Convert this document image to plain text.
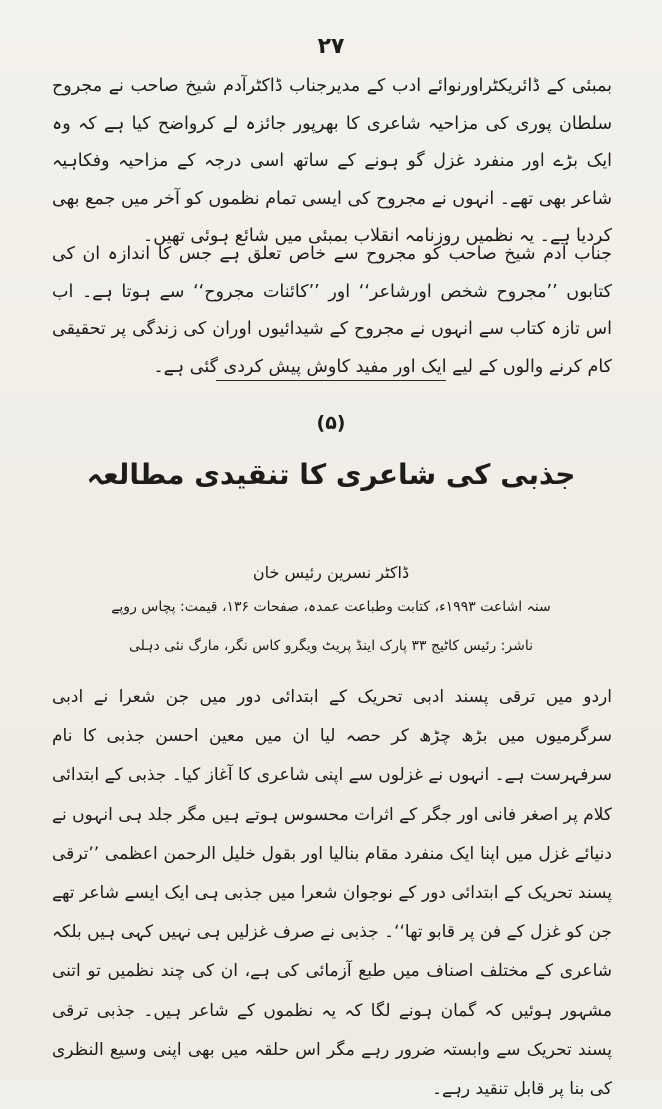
۲۷

بمبئی کے ڈائریکٹراورنوائے ادب کے مدیرجناب ڈاکٹرآدم شیخ صاحب نے مجروح سلطان پوری کی مزاحیہ شاعری کا بھرپور جائزہ لے کرواضح کیا ہے کہ وہ ایک بڑے اور منفرد غزل گو ہونے کے ساتھ اسی درجہ کے مزاحیہ وفکاہیہ شاعر بھی تھے۔ انہوں نے مجروح کی ایسی تمام نظموں کو آخر میں جمع بھی کردیا ہے۔ یہ نظمیں روزنامہ انقلاب بمبئی میں شائع ہوئی تھیں۔

جناب آدم شیخ صاحب کو مجروح سے خاص تعلق ہے جس کا اندازہ ان کی کتابوں ’’مجروح شخص اورشاعر‘‘ اور ’’کائنات مجروح‘‘ سے ہوتا ہے۔ اب اس تازہ کتاب سے انہوں نے مجروح کے شیدائیوں اوران کی زندگی پر تحقیقی کام کرنے والوں کے لیے ایک اور مفید کاوش پیش کردی گئی ہے۔

(۵)
جذبی کی شاعری کا تنقیدی مطالعہ
ڈاکٹر نسرین رئیس خان
سنہ اشاعت ۱۹۹۳ء، کتابت وطباعت عمدہ، صفحات ۱۳۶، قیمت: پچاس روپے
ناشر: رئیس کاٹیج ۳۳ پارک اینڈ پریٹ ویگرو کاس نگر، مارگ نئی دہلی

اردو میں ترقی پسند ادبی تحریک کے ابتدائی دور میں جن شعرا نے ادبی سرگرمیوں میں بڑھ چڑھ کر حصہ لیا ان میں معین احسن جذبی کا نام سرفہرست ہے۔ انہوں نے غزلوں سے اپنی شاعری کا آغاز کیا۔ جذبی کے ابتدائی کلام پر اصغر فانی اور جگر کے اثرات محسوس ہوتے ہیں مگر جلد ہی انہوں نے دنیائے غزل میں اپنا ایک منفرد مقام بنالیا اور بقول خلیل الرحمن اعظمی ’’ترقی پسند تحریک کے ابتدائی دور کے نوجوان شعرا میں جذبی ہی ایک ایسے شاعر تھے جن کو غزل کے فن پر قابو تھا‘‘۔ جذبی نے صرف غزلیں ہی نہیں کہی ہیں بلکہ شاعری کے مختلف اصناف میں طبع آزمائی کی ہے، ان کی چند نظمیں تو اتنی مشہور ہوئیں کہ گمان ہونے لگا کہ یہ نظموں کے شاعر ہیں۔ جذبی ترقی پسند تحریک سے وابستہ ضرور رہے مگر اس حلقہ میں بھی اپنی وسیع النظری کی بنا پر قابل تنقید رہے۔
